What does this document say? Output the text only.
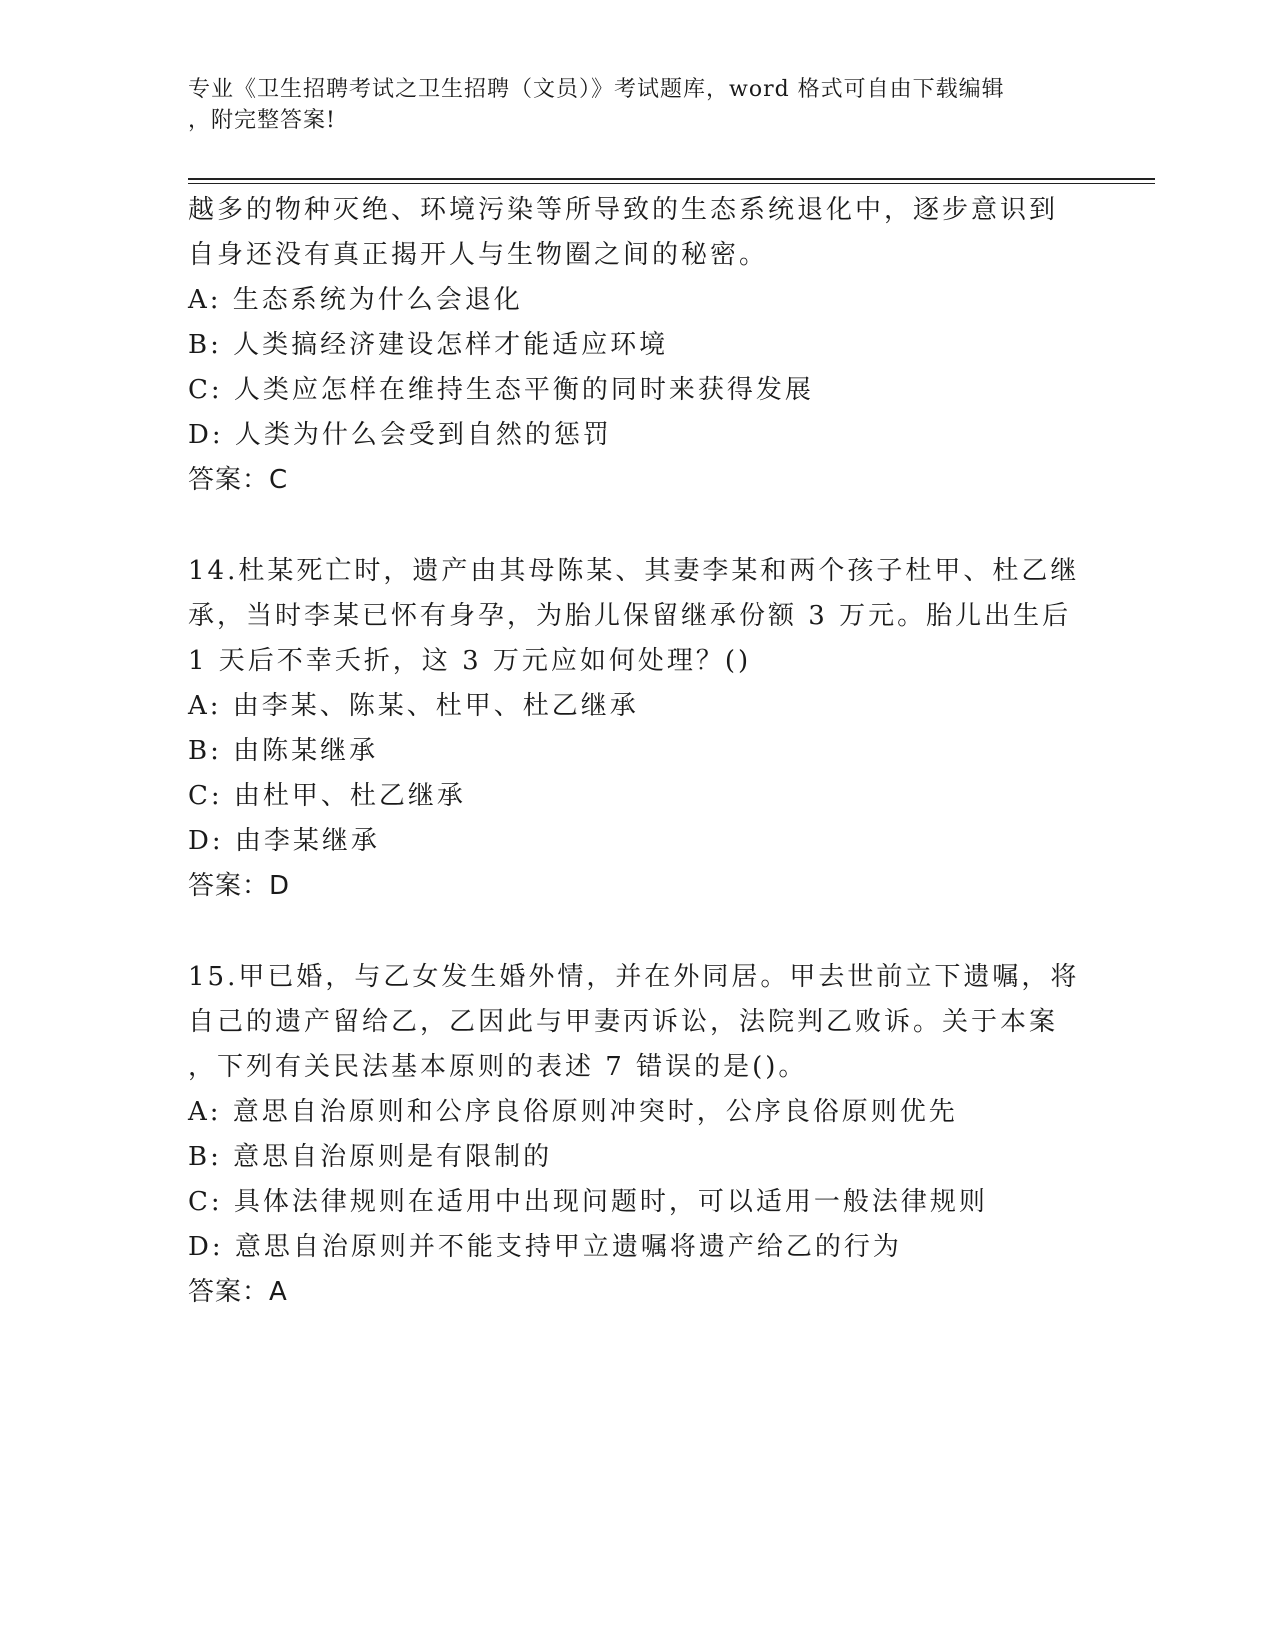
专业《卫生招聘考试之卫生招聘（文员）》考试题库，word 格式可自由下载编辑
，附完整答案!
越多的物种灭绝、环境污染等所导致的生态系统退化中，逐步意识到
自身还没有真正揭开人与生物圈之间的秘密。
A: 生态系统为什么会退化
B: 人类搞经济建设怎样才能适应环境
C: 人类应怎样在维持生态平衡的同时来获得发展
D: 人类为什么会受到自然的惩罚
答案：C
14.杜某死亡时，遗产由其母陈某、其妻李某和两个孩子杜甲、杜乙继
承，当时李某已怀有身孕，为胎儿保留继承份额 3 万元。胎儿出生后
1 天后不幸夭折，这 3 万元应如何处理？()
A: 由李某、陈某、杜甲、杜乙继承
B: 由陈某继承
C: 由杜甲、杜乙继承
D: 由李某继承
答案：D
15.甲已婚，与乙女发生婚外情，并在外同居。甲去世前立下遗嘱，将
自己的遗产留给乙，乙因此与甲妻丙诉讼，法院判乙败诉。关于本案
，下列有关民法基本原则的表述 7 错误的是()。
A: 意思自治原则和公序良俗原则冲突时，公序良俗原则优先
B: 意思自治原则是有限制的
C: 具体法律规则在适用中出现问题时，可以适用一般法律规则
D: 意思自治原则并不能支持甲立遗嘱将遗产给乙的行为
答案：A
